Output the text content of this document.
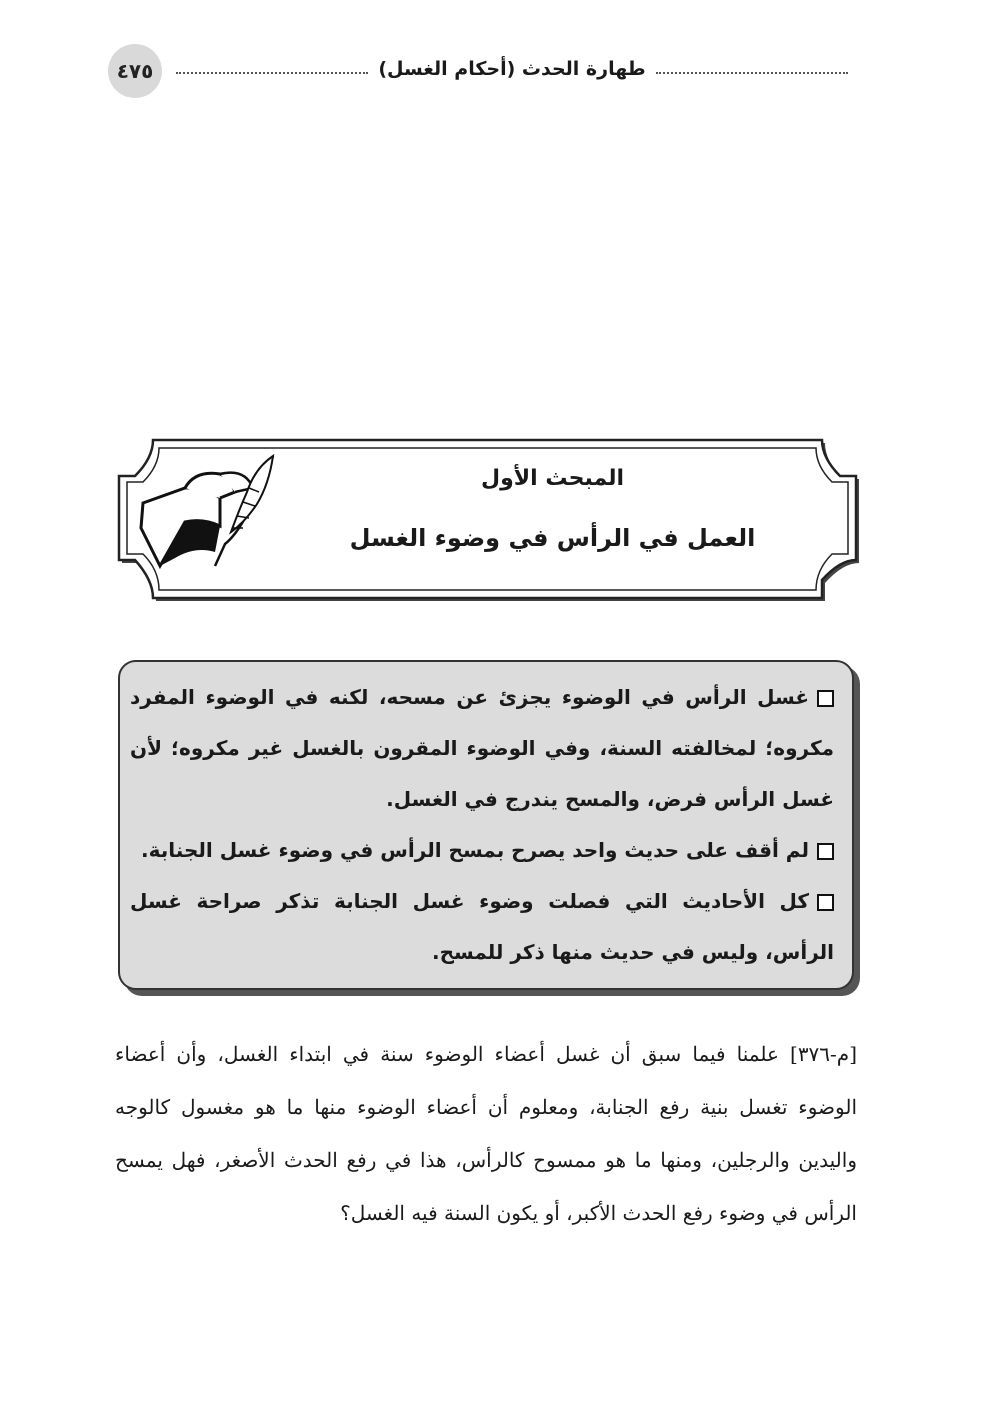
٤٧٥	طهارة الحدث (أحكام الغسل)
المبحث الأول
العمل في الرأس في وضوء الغسل

غسل الرأس في الوضوء يجزئ عن مسحه، لكنه في الوضوء المفرد مكروه؛ لمخالفته السنة، وفي الوضوء المقرون بالغسل غير مكروه؛ لأن غسل الرأس فرض، والمسح يندرج في الغسل.

لم أقف على حديث واحد يصرح بمسح الرأس في وضوء غسل الجنابة.

كل الأحاديث التي فصلت وضوء غسل الجنابة تذكر صراحة غسل الرأس، وليس في حديث منها ذكر للمسح.

[م-٣٧٦] علمنا فيما سبق أن غسل أعضاء الوضوء سنة في ابتداء الغسل، وأن أعضاء الوضوء تغسل بنية رفع الجنابة، ومعلوم أن أعضاء الوضوء منها ما هو مغسول كالوجه واليدين والرجلين، ومنها ما هو ممسوح كالرأس، هذا في رفع الحدث الأصغر، فهل يمسح الرأس في وضوء رفع الحدث الأكبر، أو يكون السنة فيه الغسل؟
